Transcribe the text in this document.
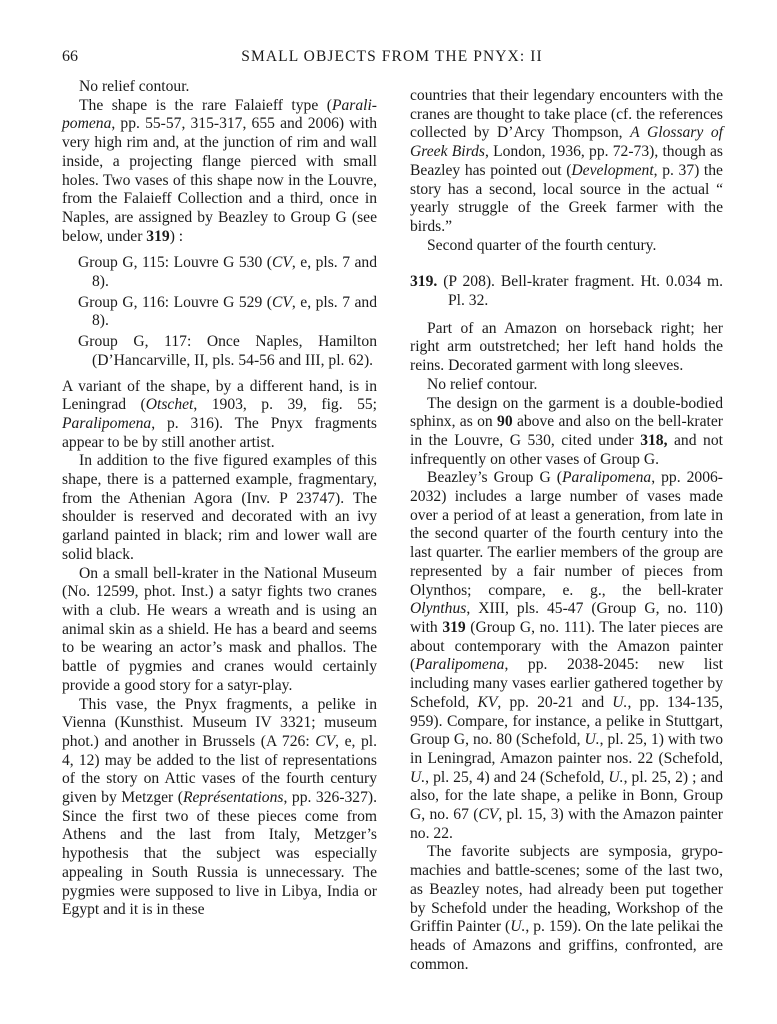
66	SMALL OBJECTS FROM THE PNYX: II

No relief contour.

The shape is the rare Falaieff type (Paralipomena, pp. 55-57, 315-317, 655 and 2006) with very high rim and, at the junction of rim and wall inside, a projecting flange pierced with small holes. Two vases of this shape now in the Louvre, from the Falaieff Collection and a third, once in Naples, are assigned by Beazley to Group G (see below, under 319) :

Group G, 115: Louvre G 530 (CV, e, pls. 7 and 8).

Group G, 116: Louvre G 529 (CV, e, pls. 7 and 8).

Group G, 117: Once Naples, Hamilton (D’Hancarville, II, pls. 54-56 and III, pl. 62).

A variant of the shape, by a different hand, is in Leningrad (Otschet, 1903, p. 39, fig. 55; Paralipomena, p. 316). The Pnyx fragments appear to be by still another artist.

In addition to the five figured examples of this shape, there is a patterned example, fragmentary, from the Athenian Agora (Inv. P 23747). The shoulder is reserved and decorated with an ivy garland painted in black; rim and lower wall are solid black.

On a small bell-krater in the National Museum (No. 12599, phot. Inst.) a satyr fights two cranes with a club. He wears a wreath and is using an animal skin as a shield. He has a beard and seems to be wearing an actor’s mask and phallos. The battle of pygmies and cranes would certainly provide a good story for a satyr-play.

This vase, the Pnyx fragments, a pelike in Vienna (Kunsthist. Museum IV 3321; museum phot.) and another in Brussels (A 726: CV, e, pl. 4, 12) may be added to the list of representations of the story on Attic vases of the fourth century given by Metzger (Représentations, pp. 326-327). Since the first two of these pieces come from Athens and the last from Italy, Metzger’s hypothesis that the subject was especially appealing in South Russia is unnecessary. The pygmies were supposed to live in Libya, India or Egypt and it is in these

countries that their legendary encounters with the cranes are thought to take place (cf. the references collected by D’Arcy Thompson, A Glossary of Greek Birds, London, 1936, pp. 72-73), though as Beazley has pointed out (Development, p. 37) the story has a second, local source in the actual “ yearly struggle of the Greek farmer with the birds.”

Second quarter of the fourth century.

319. (P 208). Bell-krater fragment. Ht. 0.034 m. Pl. 32.

Part of an Amazon on horseback right; her right arm outstretched; her left hand holds the reins. Decorated garment with long sleeves.

No relief contour.

The design on the garment is a double-bodied sphinx, as on 90 above and also on the bell-krater in the Louvre, G 530, cited under 318, and not infrequently on other vases of Group G.

Beazley’s Group G (Paralipomena, pp. 2006-2032) includes a large number of vases made over a period of at least a generation, from late in the second quarter of the fourth century into the last quarter. The earlier members of the group are represented by a fair number of pieces from Olynthos; compare, e. g., the bell-krater Olynthus, XIII, pls. 45-47 (Group G, no. 110) with 319 (Group G, no. 111). The later pieces are about contemporary with the Amazon painter (Paralipomena, pp. 2038-2045: new list including many vases earlier gathered together by Schefold, KV, pp. 20-21 and U., pp. 134-135, 959). Compare, for instance, a pelike in Stuttgart, Group G, no. 80 (Schefold, U., pl. 25, 1) with two in Leningrad, Amazon painter nos. 22 (Schefold, U., pl. 25, 4) and 24 (Schefold, U., pl. 25, 2) ; and also, for the late shape, a pelike in Bonn, Group G, no. 67 (CV, pl. 15, 3) with the Amazon painter no. 22.

The favorite subjects are symposia, grypomachies and battle-scenes; some of the last two, as Beazley notes, had already been put together by Schefold under the heading, Workshop of the Griffin Painter (U., p. 159). On the late pelikai the heads of Amazons and griffins, confronted, are common.
